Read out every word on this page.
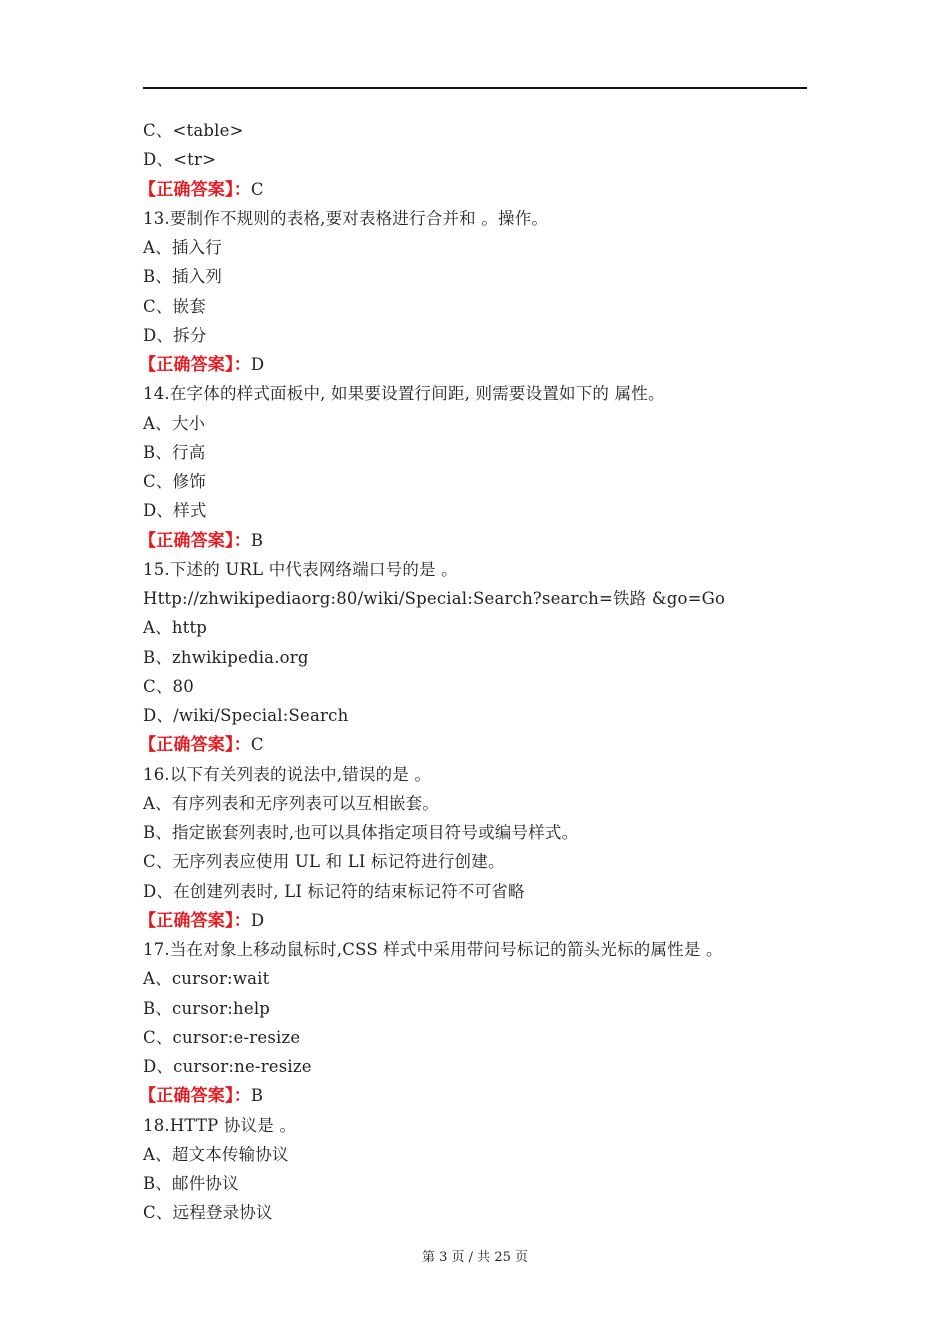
C、<table>
D、<tr>
【正确答案】：C
13.要制作不规则的表格,要对表格进行合并和 。操作。
A、插入行
B、插入列
C、嵌套
D、拆分
【正确答案】：D
14.在字体的样式面板中, 如果要设置行间距, 则需要设置如下的 属性。
A、大小
B、行高
C、修饰
D、样式
【正确答案】：B
15.下述的 URL 中代表网络端口号的是 。
Http://zhwikipediaorg:80/wiki/Special:Search?search=铁路 &go=Go
A、http
B、zhwikipedia.org
C、80
D、/wiki/Special:Search
【正确答案】：C
16.以下有关列表的说法中,错误的是 。
A、有序列表和无序列表可以互相嵌套。
B、指定嵌套列表时,也可以具体指定项目符号或编号样式。
C、无序列表应使用 UL 和 LI 标记符进行创建。
D、在创建列表时, LI 标记符的结束标记符不可省略
【正确答案】：D
17.当在对象上移动鼠标时,CSS 样式中采用带问号标记的箭头光标的属性是 。
A、cursor:wait
B、cursor:help
C、cursor:e-resize
D、cursor:ne-resize
【正确答案】：B
18.HTTP 协议是 。
A、超文本传输协议
B、邮件协议
C、远程登录协议
第 3 页 / 共 25 页
